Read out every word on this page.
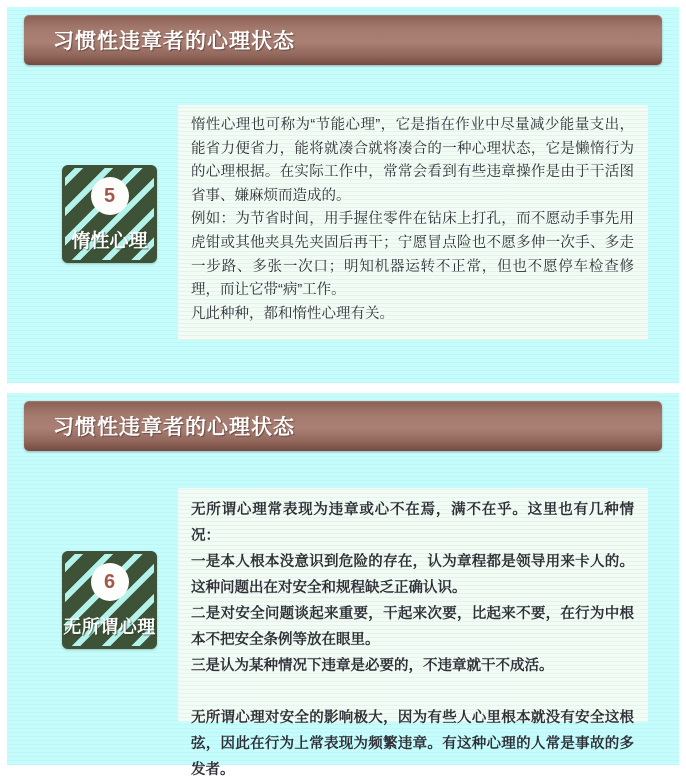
习惯性违章者的心理状态
5
惰性心理

惰性心理也可称为“节能心理”，它是指在作业中尽量减少能量支出，能省力便省力，能将就凑合就将凑合的一种心理状态，它是懒惰行为的心理根据。在实际工作中，常常会看到有些违章操作是由于干活图省事、嫌麻烦而造成的。

例如：为节省时间，用手握住零件在钻床上打孔，而不愿动手事先用虎钳或其他夹具先夹固后再干；宁愿冒点险也不愿多伸一次手、多走一步路、多张一次口；明知机器运转不正常，但也不愿停车检查修理，而让它带“病”工作。

凡此种种，都和惰性心理有关。

习惯性违章者的心理状态
6
无所谓心理

无所谓心理常表现为违章或心不在焉，满不在乎。这里也有几种情况：

一是本人根本没意识到危险的存在，认为章程都是领导用来卡人的。这种问题出在对安全和规程缺乏正确认识。

二是对安全问题谈起来重要，干起来次要，比起来不要，在行为中根本不把安全条例等放在眼里。

三是认为某种情况下违章是必要的，不违章就干不成活。

无所谓心理对安全的影响极大，因为有些人心里根本就没有安全这根弦，因此在行为上常表现为频繁违章。有这种心理的人常是事故的多发者。
